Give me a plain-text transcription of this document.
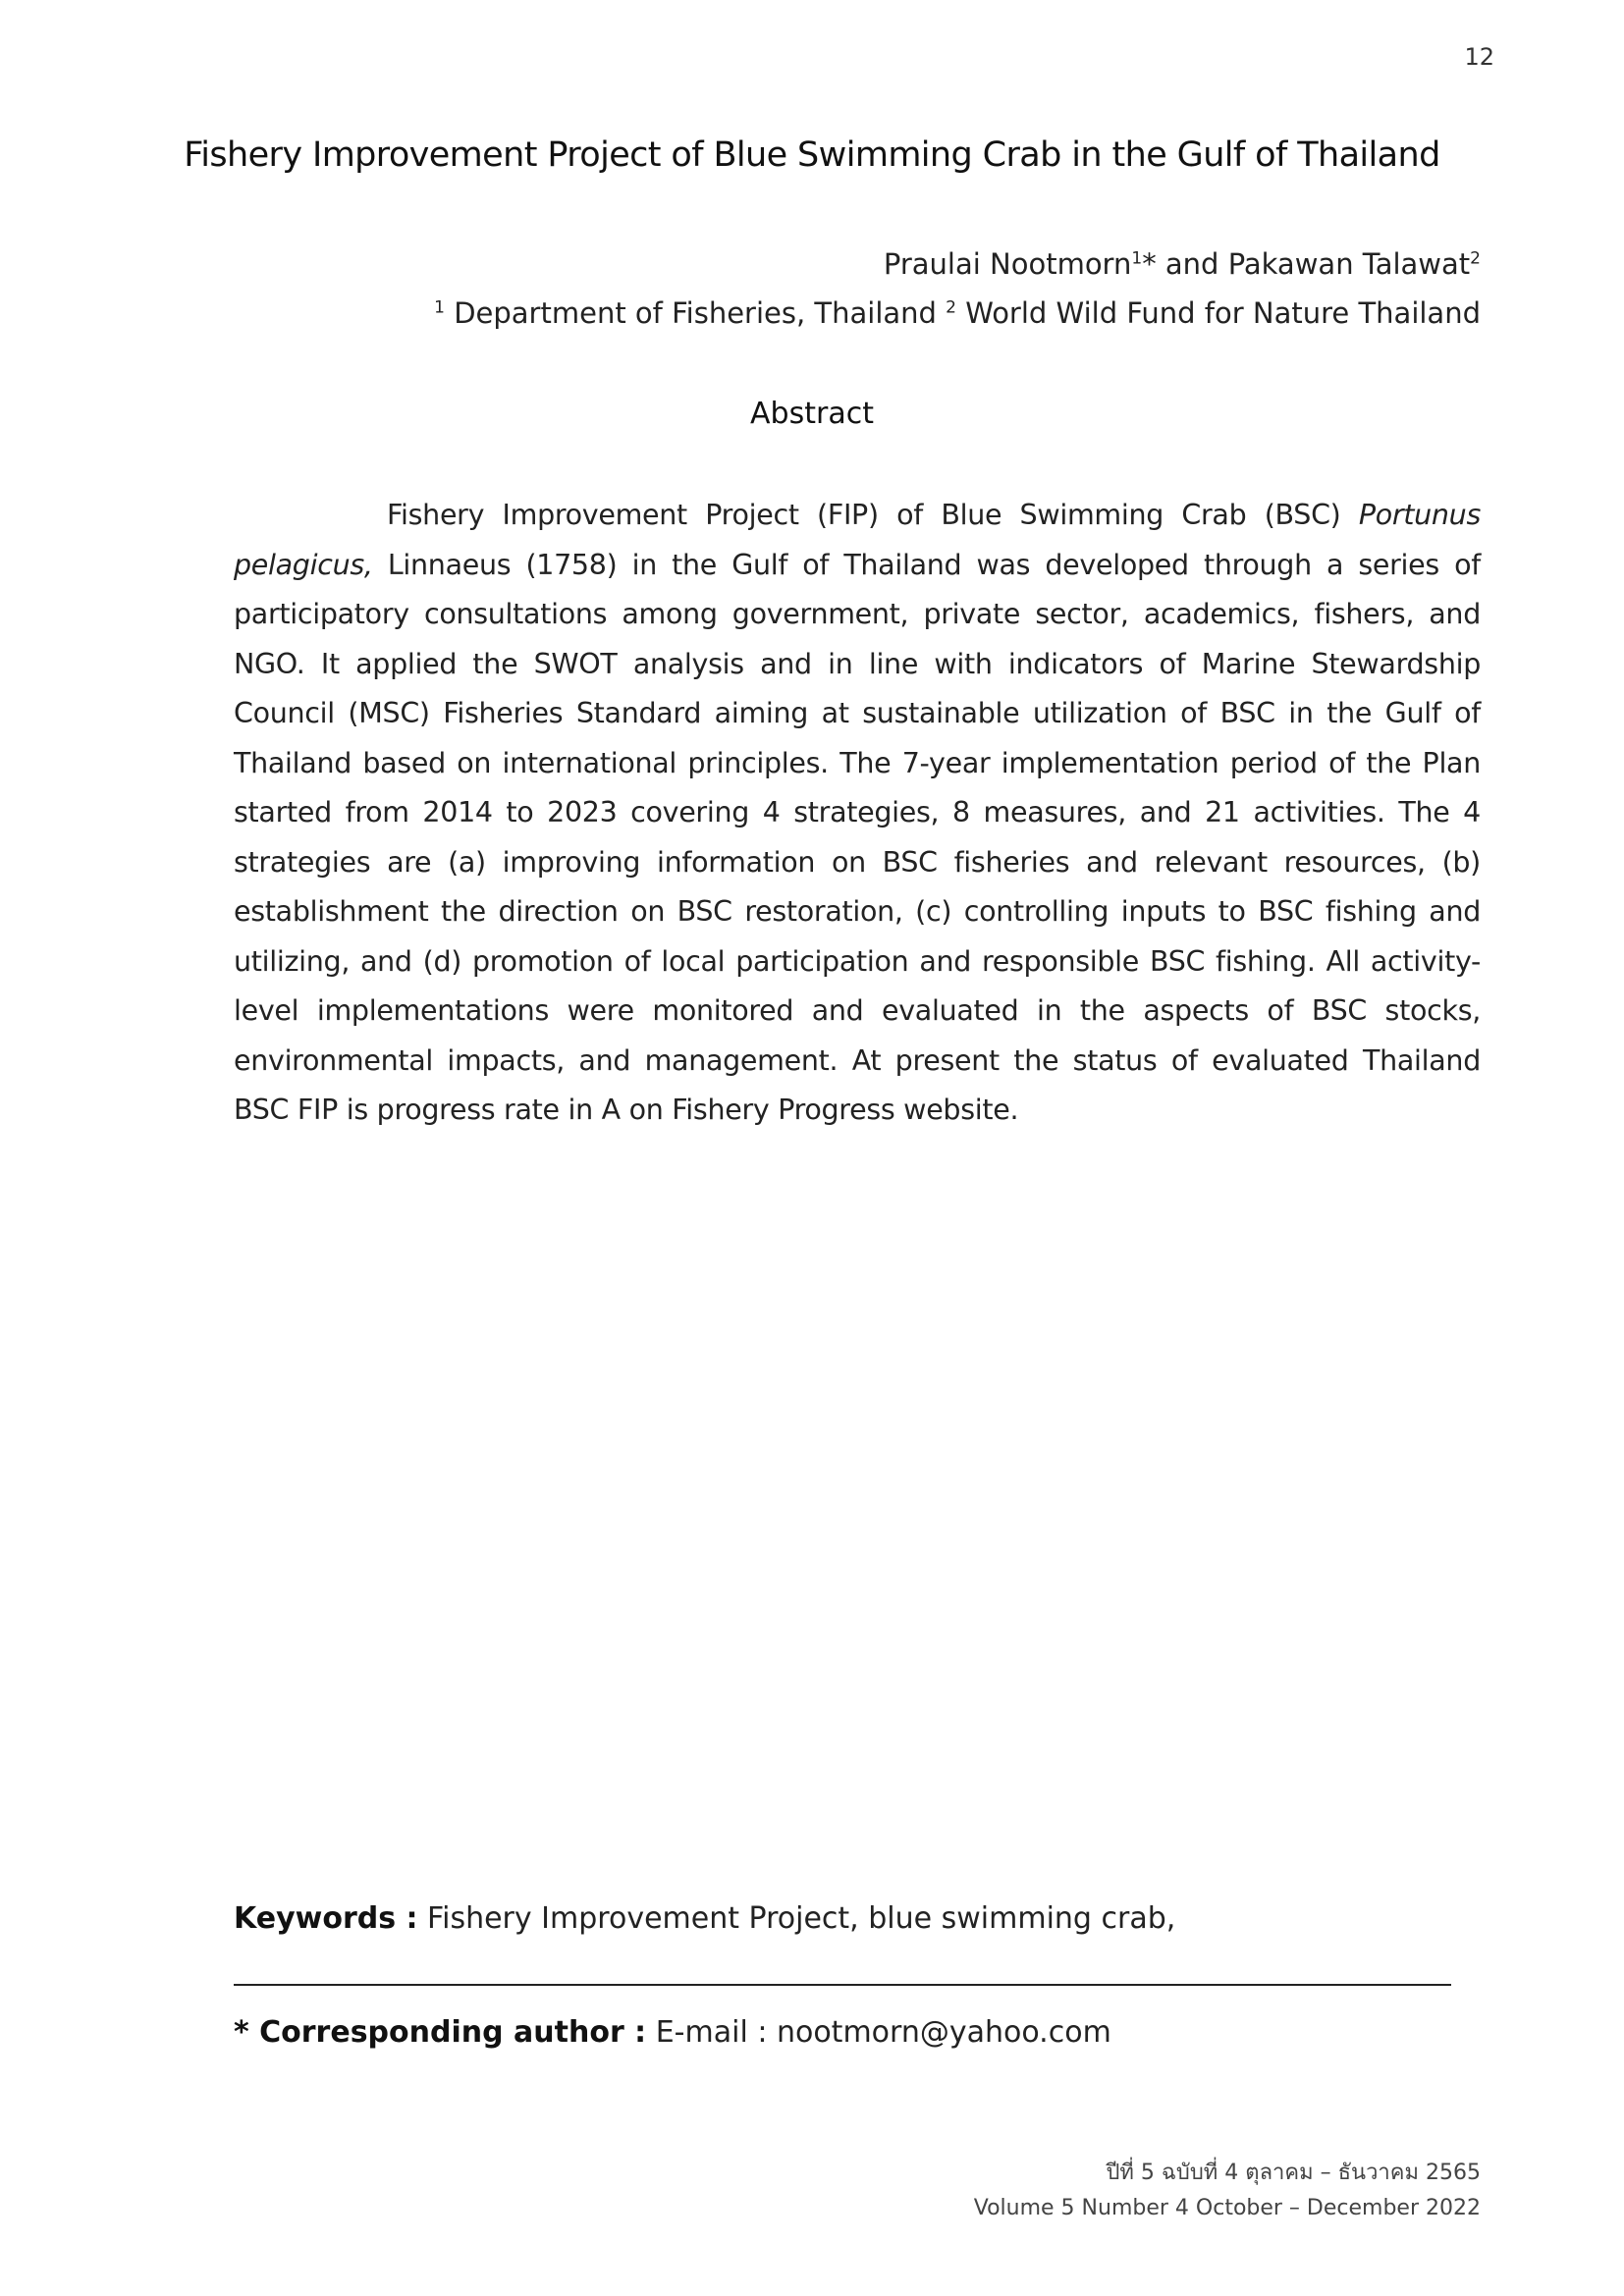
12
Fishery Improvement Project of Blue Swimming Crab in the Gulf of Thailand
Praulai Nootmorn$^1$* and Pakawan Talawat$^2$
$^1$ Department of Fisheries, Thailand $^2$ World Wild Fund for Nature Thailand
Abstract

Fishery Improvement Project (FIP) of Blue Swimming Crab (BSC) Portunus pelagicus, Linnaeus (1758) in the Gulf of Thailand was developed through a series of participatory consultations among government, private sector, academics, fishers, and NGO. It applied the SWOT analysis and in line with indicators of Marine Stewardship Council (MSC) Fisheries Standard aiming at sustainable utilization of BSC in the Gulf of Thailand based on international principles. The 7-year implementation period of the Plan started from 2014 to 2023 covering 4 strategies, 8 measures, and 21 activities. The 4 strategies are (a) improving information on BSC fisheries and relevant resources, (b) establishment the direction on BSC restoration, (c) controlling inputs to BSC fishing and utilizing, and (d) promotion of local participation and responsible BSC fishing. All activity-level implementations were monitored and evaluated in the aspects of BSC stocks, environmental impacts, and management. At present the status of evaluated Thailand BSC FIP is progress rate in A on Fishery Progress website.

Keywords : Fishery Improvement Project, blue swimming crab,
* Corresponding author : E-mail : nootmorn@yahoo.com
ปีที่ 5 ฉบับที่ 4 ตุลาคม – ธันวาคม 2565
Volume 5 Number 4 October – December 2022
